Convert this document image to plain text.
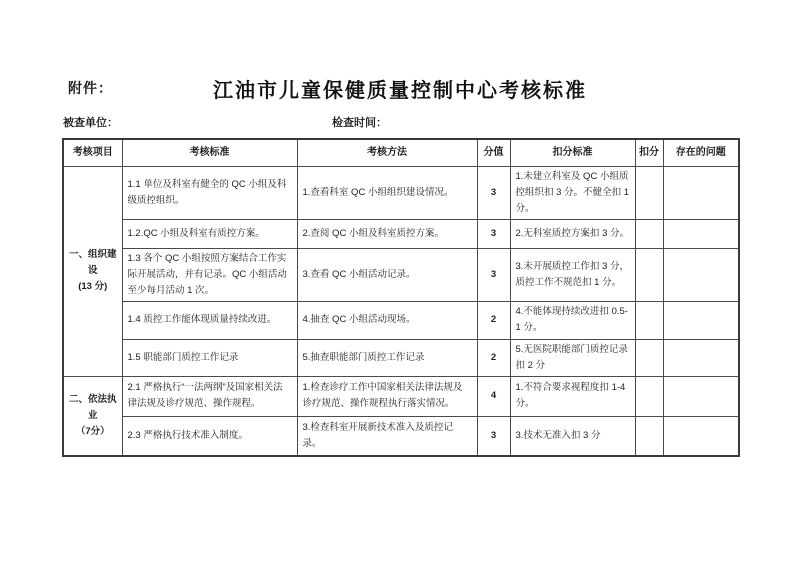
附件：	江油市儿童保健质量控制中心考核标准
被查单位：	检查时间：
考核项目	考核标准	考核方法	分值	扣分标准	扣分	存在的问题

一、组织建设
(13 分)	1.1 单位及科室有健全的 QC 小组及科级质控组织。	1.查看科室 QC 小组组织建设情况。	3	1.未建立科室及 QC 小组质控组织扣 3 分。不健全扣 1 分。		
	1.2.QC 小组及科室有质控方案。	2.查阅 QC 小组及科室质控方案。	3	2.无科室质控方案扣 3 分。		
	1.3 各个 QC 小组按照方案结合工作实际开展活动，并有记录。QC 小组活动至少每月活动 1 次。	3.查看 QC 小组活动记录。	3	3.未开展质控工作扣 3 分，质控工作不规范扣 1 分。		
	1.4 质控工作能体现质量持续改进。	4.抽查 QC 小组活动现场。	2	4.不能体现持续改进扣 0.5-1 分。		
	1.5 职能部门质控工作记录	5.抽查职能部门质控工作记录	2	5.无医院职能部门质控记录扣 2 分		

二、依法执业
（7分）	2.1 严格执行“一法两纲”及国家相关法律法规及诊疗规范、操作规程。	1.检查诊疗工作中国家相关法律法规及诊疗规范、操作规程执行落实情况。	4	1.不符合要求视程度扣 1-4 分。		
	2.3 严格执行技术准入制度。	3.检查科室开展新技术准入及质控记录。	3	3.技术无准入扣 3 分		
